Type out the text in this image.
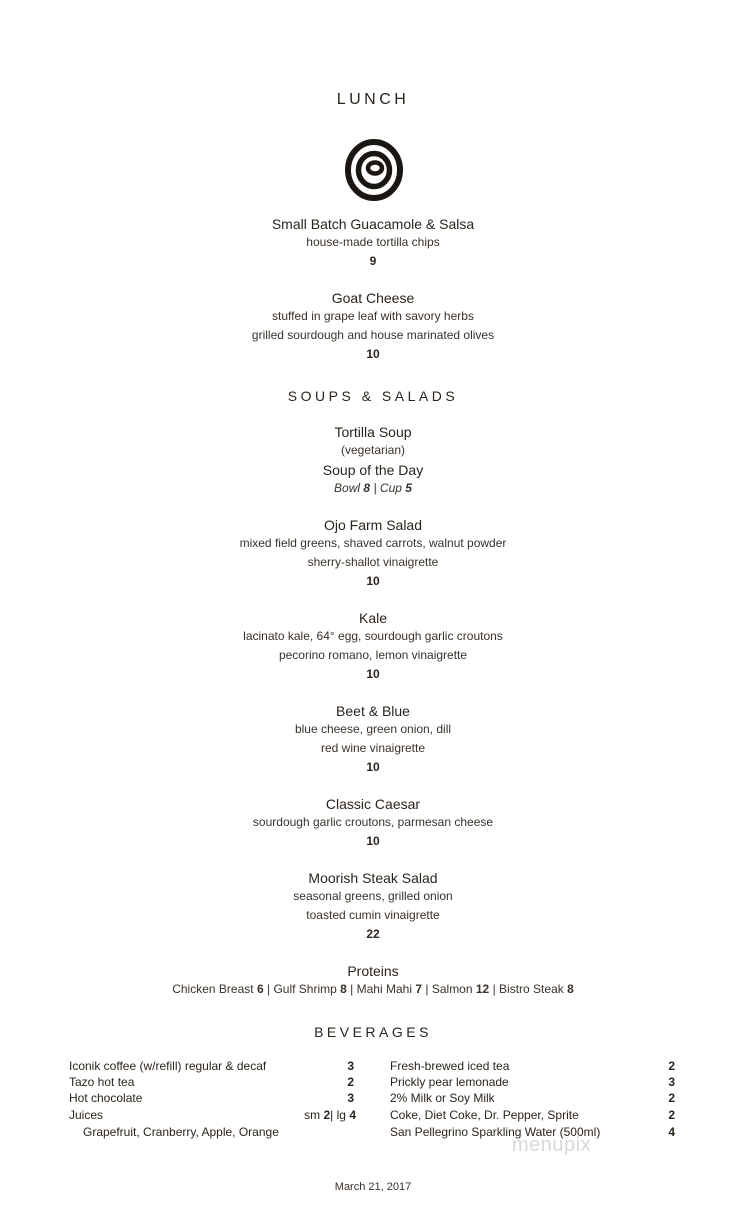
LUNCH
Small Batch Guacamole & Salsa
house-made tortilla chips
9
Goat Cheese
stuffed in grape leaf with savory herbs
grilled sourdough and house marinated olives
10
SOUPS & SALADS
Tortilla Soup
(vegetarian)
Soup of the Day
Bowl 8 | Cup 5
Ojo Farm Salad
mixed field greens, shaved carrots, walnut powder
sherry-shallot vinaigrette
10
Kale
lacinato kale, 64° egg, sourdough garlic croutons
pecorino romano, lemon vinaigrette
10
Beet & Blue
blue cheese, green onion, dill
red wine vinaigrette
10
Classic Caesar
sourdough garlic croutons, parmesan cheese
10
Moorish Steak Salad
seasonal greens, grilled onion
toasted cumin vinaigrette
22
Proteins
Chicken Breast 6 | Gulf Shrimp 8 | Mahi Mahi 7 | Salmon 12 | Bistro Steak 8
BEVERAGES
Iconik coffee (w/refill) regular & decaf	3
Tazo hot tea	2
Hot chocolate	3
Juices	sm 2| lg 4
Grapefruit, Cranberry, Apple, Orange
Fresh-brewed iced tea	2
Prickly pear lemonade	3
2% Milk or Soy Milk	2
Coke, Diet Coke, Dr. Pepper, Sprite	2
San Pellegrino Sparkling Water (500ml)	4
menupix
March 21, 2017
